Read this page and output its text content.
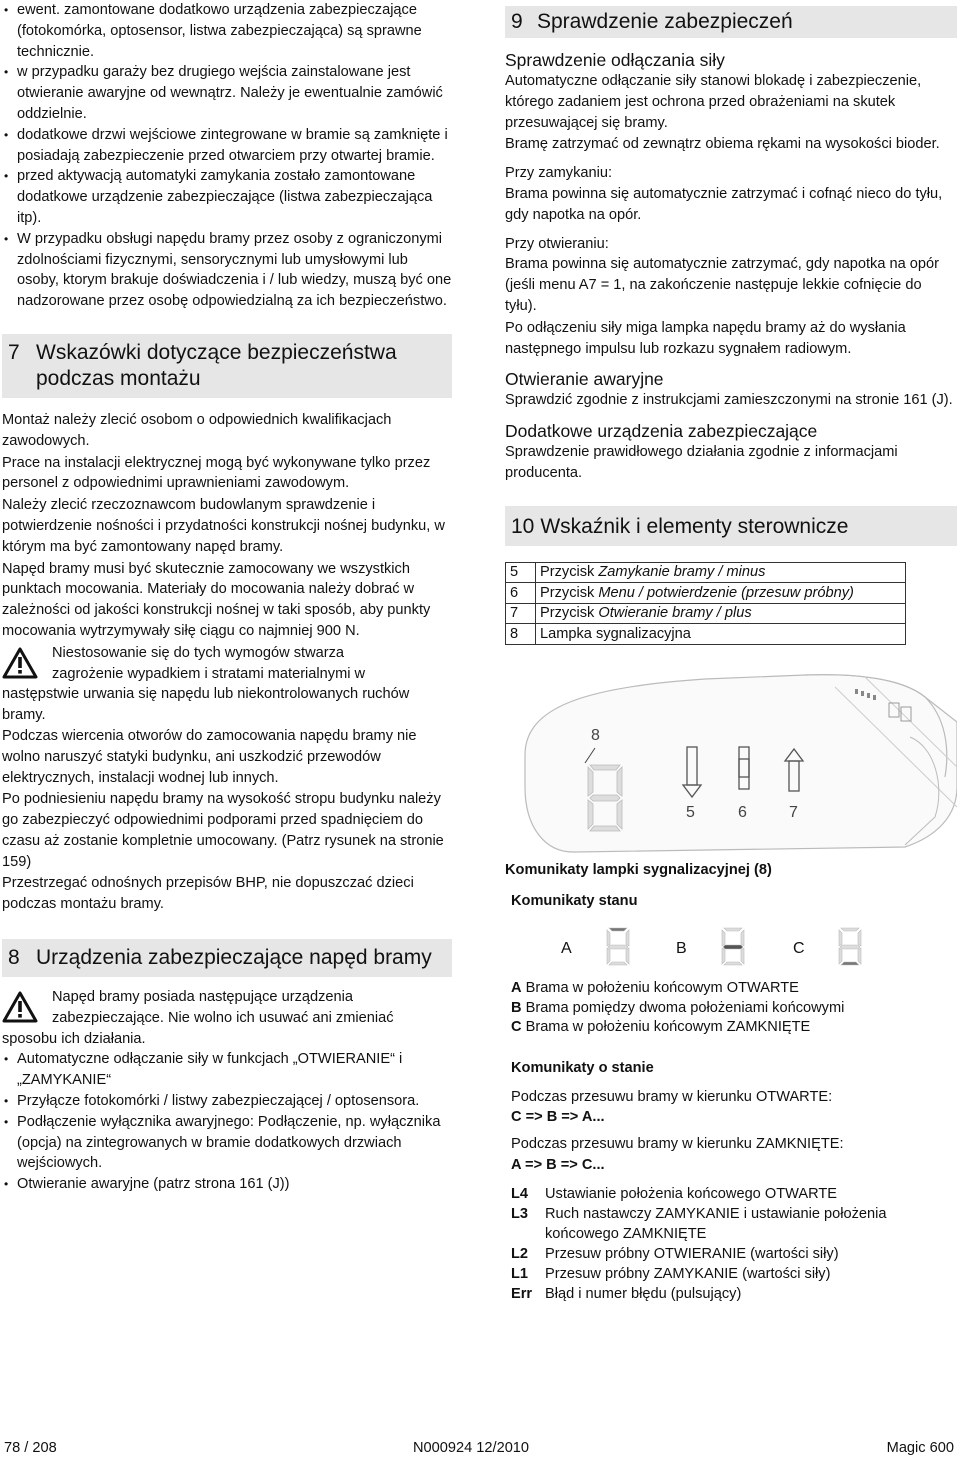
• ewent. zamontowane dodatkowo urządzenia zabezpieczające (fotokomórka, optosensor, listwa zabezpieczająca) są sprawne technicznie.
• w przypadku garaży bez drugiego wejścia zainstalowane jest otwieranie awaryjne od wewnątrz. Należy je ewentualnie zamówić oddzielnie.
• dodatkowe drzwi wejściowe zintegrowane w bramie są zamknięte i posiadają zabezpieczenie przed otwarciem przy otwartej bramie.
• przed aktywacją automatyki zamykania zostało zamontowane dodatkowe urządzenie zabezpieczające (listwa zabezpieczająca itp).
• W przypadku obsługi napędu bramy przez osoby z ograniczonymi zdolnościami fizycznymi, sensorycznymi lub umysłowymi lub osoby, ktorym brakuje doświadczenia i / lub wiedzy, muszą być one nadzorowane przez osobę odpowiedzialną za ich bezpieczeństwo.
7 Wskazówki dotyczące bezpieczeństwa podczas montażu

Montaż należy zlecić osobom o odpowiednich kwalifikacjach zawodowych.

Prace na instalacji elektrycznej mogą być wykonywane tylko przez personel z odpowiednimi uprawnieniami zawodowym.

Należy zlecić rzeczoznawcom budowlanym sprawdzenie i potwierdzenie nośności i przydatności konstrukcji nośnej budynku, w którym ma być zamontowany napęd bramy.

Napęd bramy musi być skutecznie zamocowany we wszystkich punktach mocowania. Materiały do mocowania należy dobrać w zależności od jakości konstrukcji nośnej w taki sposób, aby punkty mocowania wytrzymywały siłę ciągu co najmniej 900 N.

Niestosowanie się do tych wymogów stwarza
zagrożenie wypadkiem i stratami materialnymi w
następstwie urwania się napędu lub niekontrolowanych ruchów bramy.

Podczas wiercenia otworów do zamocowania napędu bramy nie wolno naruszyć statyki budynku, ani uszkodzić przewodów elektrycznych, instalacji wodnej lub innych.

Po podniesieniu napędu bramy na wysokość stropu budynku należy go zabezpieczyć odpowiednimi podporami przed spadnięciem do czasu aż zostanie kompletnie umocowany. (Patrz rysunek na stronie 159)

Przestrzegać odnośnych przepisów BHP, nie dopuszczać dzieci podczas montażu bramy.

8 Urządzenia zabezpieczające napęd bramy
Napęd bramy posiada następujące urządzenia
zabezpieczające. Nie wolno ich usuwać ani zmieniać
sposobu ich działania.
• Automatyczne odłączanie siły w funkcjach „OTWIERANIE“ i „ZAMYKANIE“
• Przyłącze fotokomórki / listwy zabezpieczającej / optosensora.
• Podłączenie wyłącznika awaryjnego: Podłączenie, np. wyłącznika (opcja) na zintegrowanych w bramie dodatkowych drzwiach wejściowych.
• Otwieranie awaryjne (patrz strona 161 (J))
9 Sprawdzenie zabezpieczeń
Sprawdzenie odłączania siły

Automatyczne odłączanie siły stanowi blokadę i zabezpieczenie, którego zadaniem jest ochrona przed obrażeniami na skutek przesuwającej się bramy.

Bramę zatrzymać od zewnątrz obiema rękami na wysokości bioder.

Przy zamykaniu:

Brama powinna się automatycznie zatrzymać i cofnąć nieco do tyłu, gdy napotka na opór.

Przy otwieraniu:

Brama powinna się automatycznie zatrzymać, gdy napotka na opór (jeśli menu A7 = 1, na zakończenie następuje lekkie cofnięcie do tyłu).

Po odłączeniu siły miga lampka napędu bramy aż do wysłania następnego impulsu lub rozkazu sygnałem radiowym.

Otwieranie awaryjne

Sprawdzić zgodnie z instrukcjami zamieszczonymi na stronie 161 (J).

Dodatkowe urządzenia zabezpieczające

Sprawdzenie prawidłowego działania zgodnie z informacjami producenta.

10 Wskaźnik i elementy sterownicze
5	Przycisk Zamykanie bramy / minus
6	Przycisk Menu / potwierdzenie (przesuw próbny)
7	Przycisk Otwieranie bramy / plus
8	Lampka sygnalizacyjna
8
5	6	7
Komunikaty lampki sygnalizacyjnej (8)
Komunikaty stanu
A	B	C
A Brama w położeniu końcowym OTWARTE
B Brama pomiędzy dwoma położeniami końcowymi
C Brama w położeniu końcowym ZAMKNIĘTE
Komunikaty o stanie
Podczas przesuwu bramy w kierunku OTWARTE:
C => B => A...
Podczas przesuwu bramy w kierunku ZAMKNIĘTE:
A => B => C...
L4	Ustawianie położenia końcowego OTWARTE
L3	Ruch nastawczy ZAMYKANIE i ustawianie położenia końcowego ZAMKNIĘTE
L2	Przesuw próbny OTWIERANIE (wartości siły)
L1	Przesuw próbny ZAMYKANIE (wartości siły)
Err	Błąd i numer błędu (pulsujący)
78 / 208	N000924 12/2010	Magic 600
